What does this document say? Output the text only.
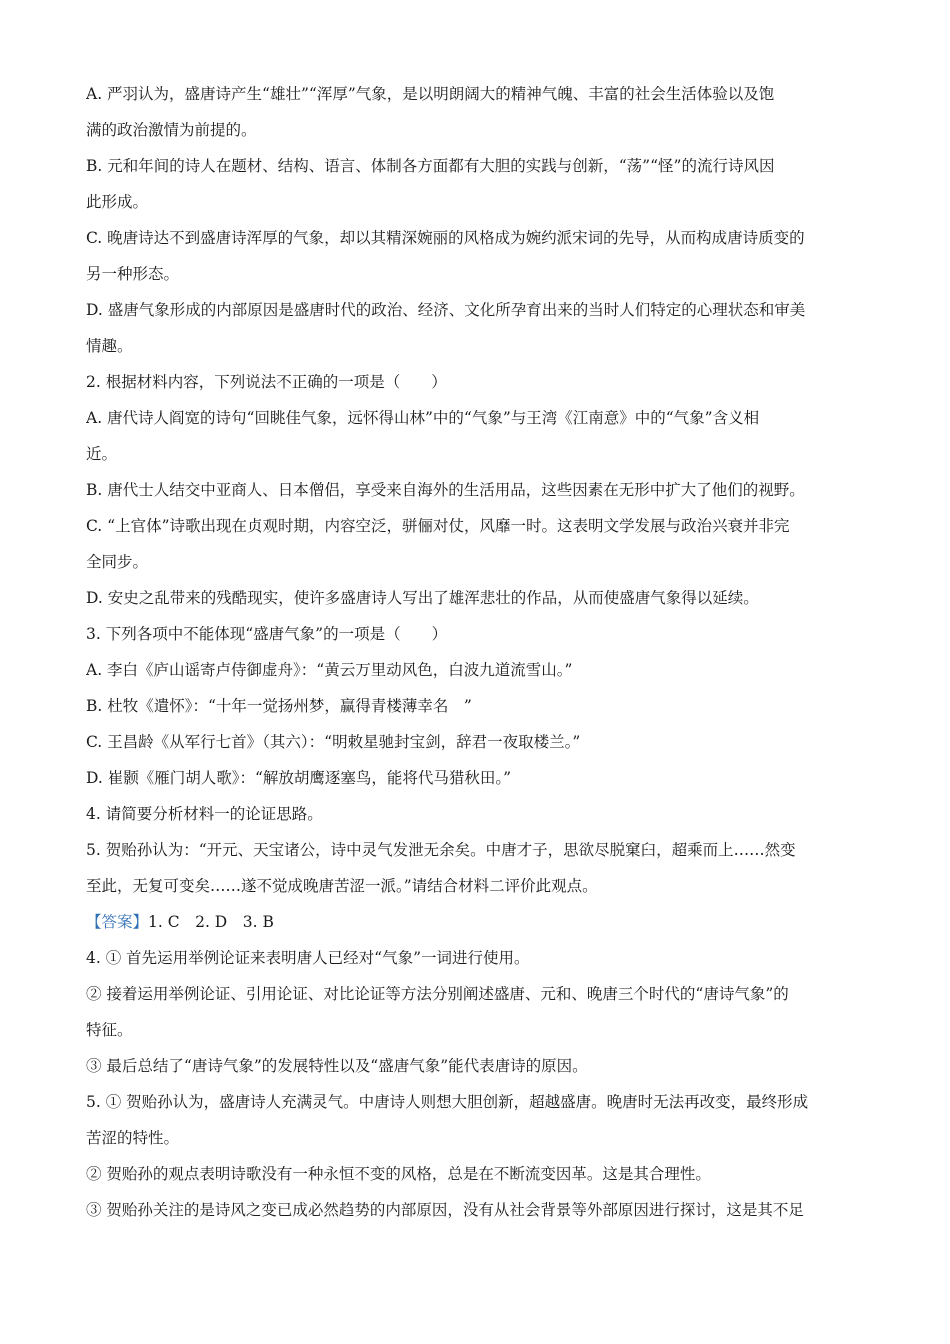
A. 严羽认为，盛唐诗产生“雄壮”“浑厚”气象，是以明朗阔大的精神气魄、丰富的社会生活体验以及饱
满的政治激情为前提的。
B. 元和年间的诗人在题材、结构、语言、体制各方面都有大胆的实践与创新，“荡”“怪”的流行诗风因
此形成。
C. 晚唐诗达不到盛唐诗浑厚的气象，却以其精深婉丽的风格成为婉约派宋词的先导，从而构成唐诗质变的
另一种形态。
D. 盛唐气象形成的内部原因是盛唐时代的政治、经济、文化所孕育出来的当时人们特定的心理状态和审美
情趣。
2. 根据材料内容，下列说法不正确的一项是（　　）
A. 唐代诗人阎宽的诗句“回眺佳气象，远怀得山林”中的“气象”与王湾《江南意》中的“气象”含义相
近。
B. 唐代士人结交中亚商人、日本僧侣，享受来自海外的生活用品，这些因素在无形中扩大了他们的视野。
C. “上官体”诗歌出现在贞观时期，内容空泛，骈俪对仗，风靡一时。这表明文学发展与政治兴衰并非完
全同步。
D. 安史之乱带来的残酷现实，使许多盛唐诗人写出了雄浑悲壮的作品，从而使盛唐气象得以延续。
3. 下列各项中不能体现“盛唐气象”的一项是（　　）
A. 李白《庐山谣寄卢侍御虚舟》：“黄云万里动风色，白波九道流雪山。”
B. 杜牧《遣怀》：“十年一觉扬州梦，赢得青楼薄幸名　”
C. 王昌龄《从军行七首》（其六）：“明敕星驰封宝剑，辞君一夜取楼兰。”
D. 崔颢《雁门胡人歌》：“解放胡鹰逐塞鸟，能将代马猎秋田。”
4. 请简要分析材料一的论证思路。
5. 贺贻孙认为：“开元、天宝诸公，诗中灵气发泄无余矣。中唐才子，思欲尽脱窠臼，超乘而上……然变
至此，无复可变矣……遂不觉成晚唐苦涩一派。”请结合材料二评价此观点。
【答案】1. C　2. D　3. B
4. ① 首先运用举例论证来表明唐人已经对“气象”一词进行使用。
② 接着运用举例论证、引用论证、对比论证等方法分别阐述盛唐、元和、晚唐三个时代的“唐诗气象”的
特征。
③ 最后总结了“唐诗气象”的发展特性以及“盛唐气象”能代表唐诗的原因。
5. ① 贺贻孙认为，盛唐诗人充满灵气。中唐诗人则想大胆创新，超越盛唐。晚唐时无法再改变，最终形成
苦涩的特性。
② 贺贻孙的观点表明诗歌没有一种永恒不变的风格，总是在不断流变因革。这是其合理性。
③ 贺贻孙关注的是诗风之变已成必然趋势的内部原因，没有从社会背景等外部原因进行探讨，这是其不足
